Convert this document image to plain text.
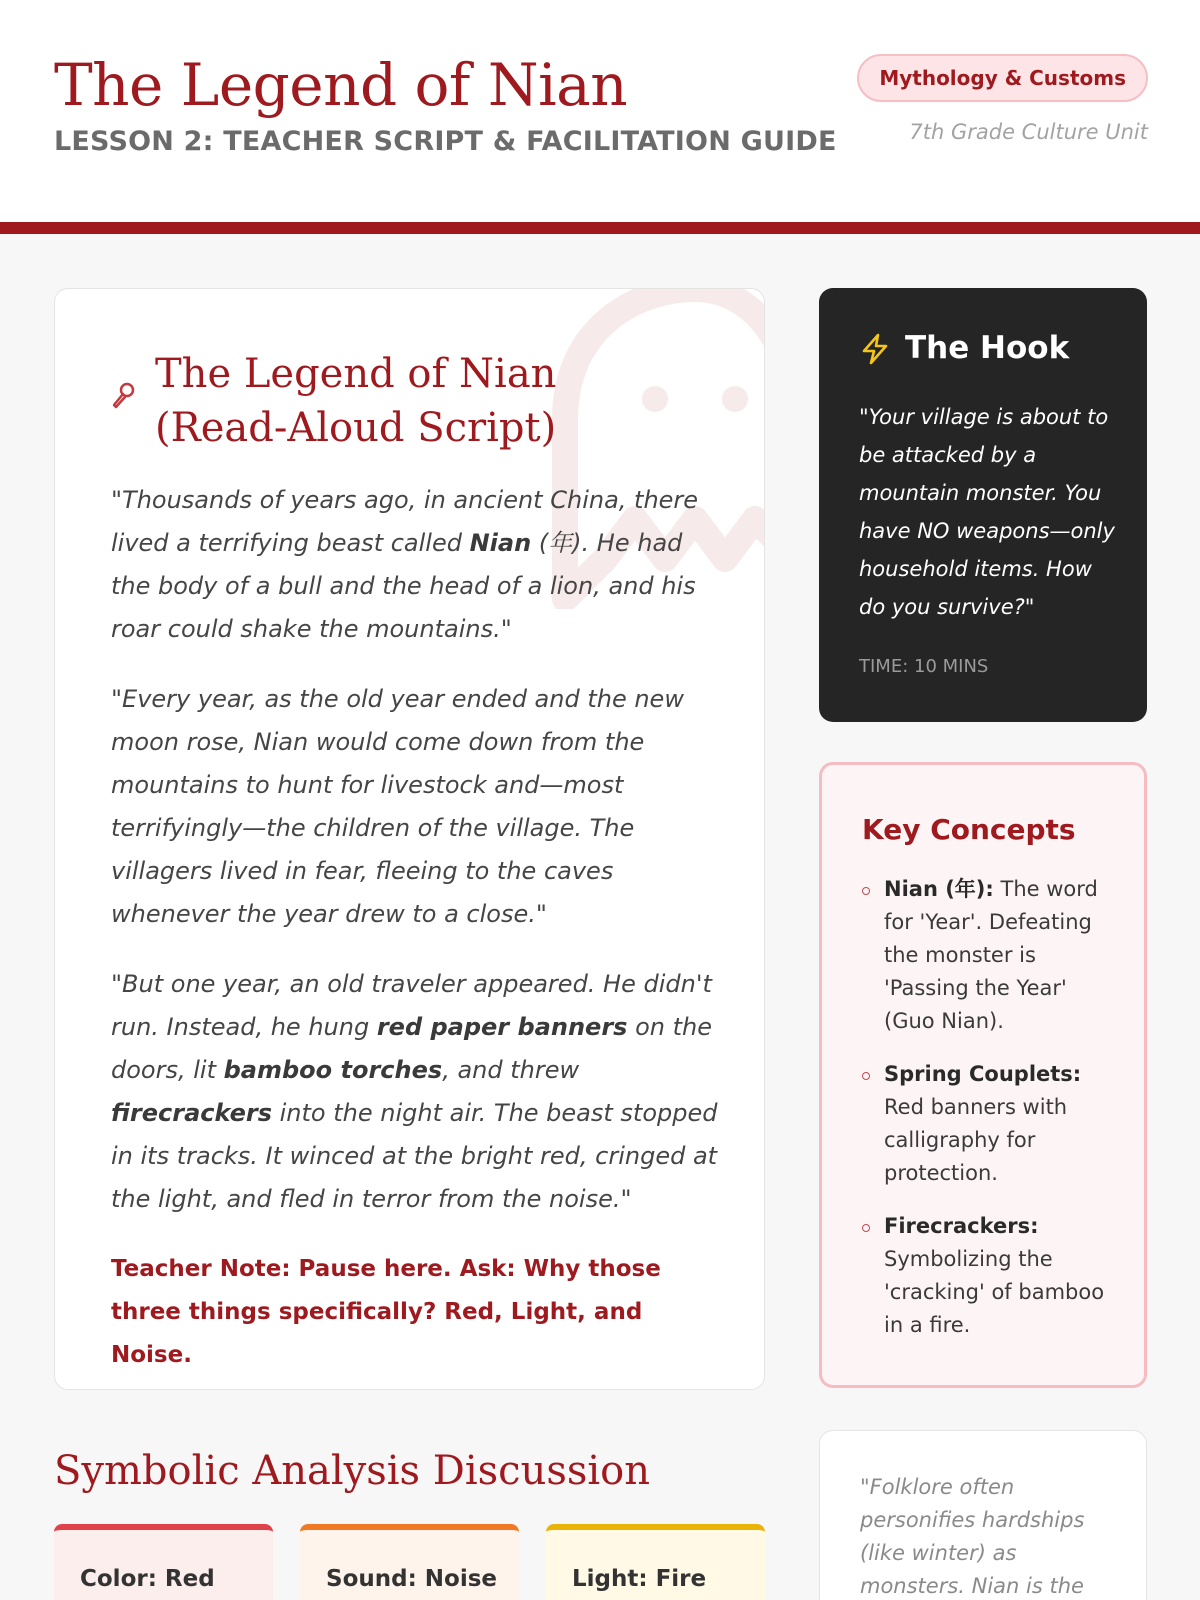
The Legend of Nian
LESSON 2: TEACHER SCRIPT & FACILITATION GUIDE
Mythology & Customs
7th Grade Culture Unit
The Legend of Nian (Read-Aloud Script)

"Thousands of years ago, in ancient China, there lived a terrifying beast called Nian (年). He had the body of a bull and the head of a lion, and his roar could shake the mountains."

"Every year, as the old year ended and the new moon rose, Nian would come down from the mountains to hunt for livestock and—most terrifyingly—the children of the village. The villagers lived in fear, fleeing to the caves whenever the year drew to a close."

"But one year, an old traveler appeared. He didn't run. Instead, he hung red paper banners on the doors, lit bamboo torches, and threw firecrackers into the night air. The beast stopped in its tracks. It winced at the bright red, cringed at the light, and fled in terror from the noise."

Teacher Note: Pause here. Ask: Why those three things specifically? Red, Light, and Noise.

The Hook

"Your village is about to be attacked by a mountain monster. You have NO weapons—only household items. How do you survive?"

TIME: 10 MINS
Key Concepts
Nian (年): The word for 'Year'. Defeating the monster is 'Passing the Year' (Guo Nian).
Spring Couplets: Red banners with calligraphy for protection.
Firecrackers: Symbolizing the 'cracking' of bamboo in a fire.

"Folklore often personifies hardships (like winter) as monsters. Nian is the

Symbolic Analysis Discussion
Color: Red	Sound: Noise	Light: Fire
